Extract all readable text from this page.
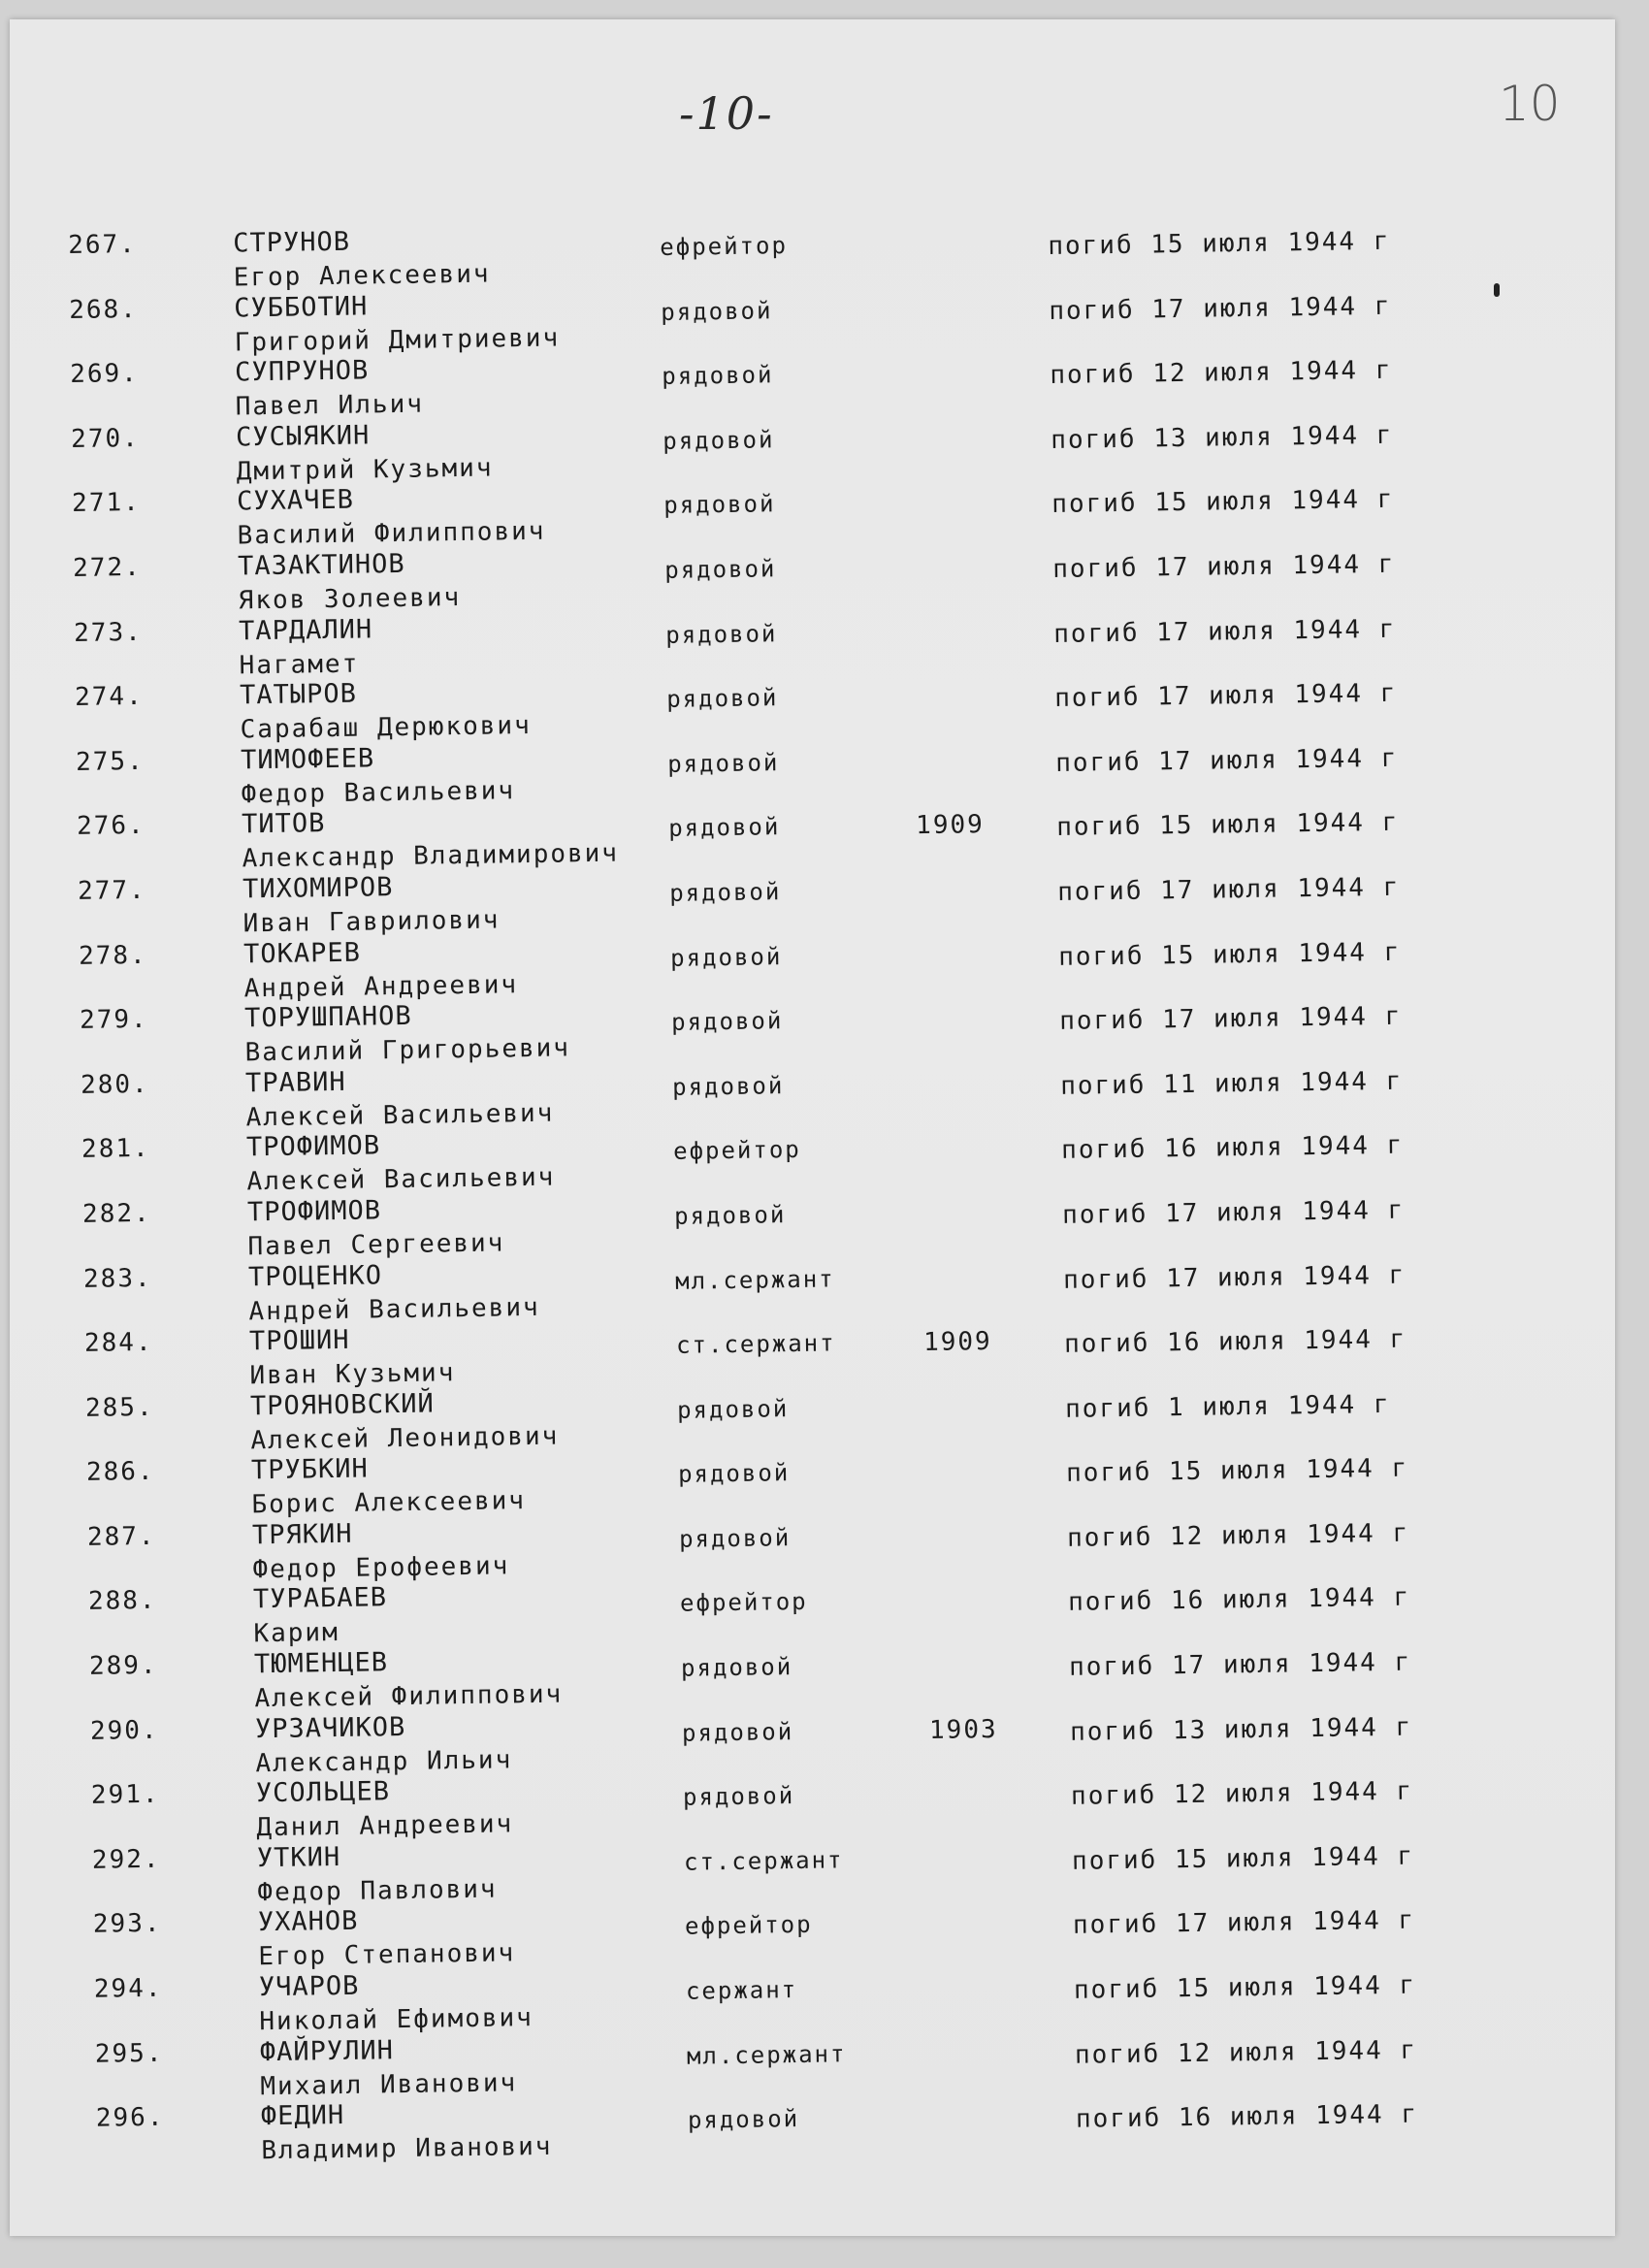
-10-	10
267.	СТРУНОВ
Егор Алексеевич
ефрейтор	погиб 15 июля 1944 г
268.	СУББОТИН
Григорий Дмитриевич
рядовой	погиб 17 июля 1944 г
269.	СУПРУНОВ
Павел Ильич
рядовой	погиб 12 июля 1944 г
270.	СУСЫЯКИН
Дмитрий Кузьмич
рядовой	погиб 13 июля 1944 г
271.	СУХАЧЕВ
Василий Филиппович
рядовой	погиб 15 июля 1944 г
272.	ТАЗАКТИНОВ
Яков Золеевич
рядовой	погиб 17 июля 1944 г
273.	ТАРДАЛИН
Нагамет
рядовой	погиб 17 июля 1944 г
274.	ТАТЫРОВ
Сарабаш Дерюкович
рядовой	погиб 17 июля 1944 г
275.	ТИМОФЕЕВ
Федор Васильевич
рядовой	погиб 17 июля 1944 г
276.	ТИТОВ
Александр Владимирович
рядовой	1909	погиб 15 июля 1944 г
277.	ТИХОМИРОВ
Иван Гаврилович
рядовой	погиб 17 июля 1944 г
278.	ТОКАРЕВ
Андрей Андреевич
рядовой	погиб 15 июля 1944 г
279.	ТОРУШПАНОВ
Василий Григорьевич
рядовой	погиб 17 июля 1944 г
280.	ТРАВИН
Алексей Васильевич
рядовой	погиб 11 июля 1944 г
281.	ТРОФИМОВ
Алексей Васильевич
ефрейтор	погиб 16 июля 1944 г
282.	ТРОФИМОВ
Павел Сергеевич
рядовой	погиб 17 июля 1944 г
283.	ТРОЦЕНКО
Андрей Васильевич
мл.сержант	погиб 17 июля 1944 г
284.	ТРОШИН
Иван Кузьмич
ст.сержант	1909	погиб 16 июля 1944 г
285.	ТРОЯНОВСКИЙ
Алексей Леонидович
рядовой	погиб 1 июля 1944 г
286.	ТРУБКИН
Борис Алексеевич
рядовой	погиб 15 июля 1944 г
287.	ТРЯКИН
Федор Ерофеевич
рядовой	погиб 12 июля 1944 г
288.	ТУРАБАЕВ
Карим
ефрейтор	погиб 16 июля 1944 г
289.	ТЮМЕНЦЕВ
Алексей Филиппович
рядовой	погиб 17 июля 1944 г
290.	УРЗАЧИКОВ
Александр Ильич
рядовой	1903	погиб 13 июля 1944 г
291.	УСОЛЬЦЕВ
Данил Андреевич
рядовой	погиб 12 июля 1944 г
292.	УТКИН
Федор Павлович
ст.сержант	погиб 15 июля 1944 г
293.	УХАНОВ
Егор Степанович
ефрейтор	погиб 17 июля 1944 г
294.	УЧАРОВ
Николай Ефимович
сержант	погиб 15 июля 1944 г
295.	ФАЙРУЛИН
Михаил Иванович
мл.сержант	погиб 12 июля 1944 г
296.	ФЕДИН
Владимир Иванович
рядовой	погиб 16 июля 1944 г
